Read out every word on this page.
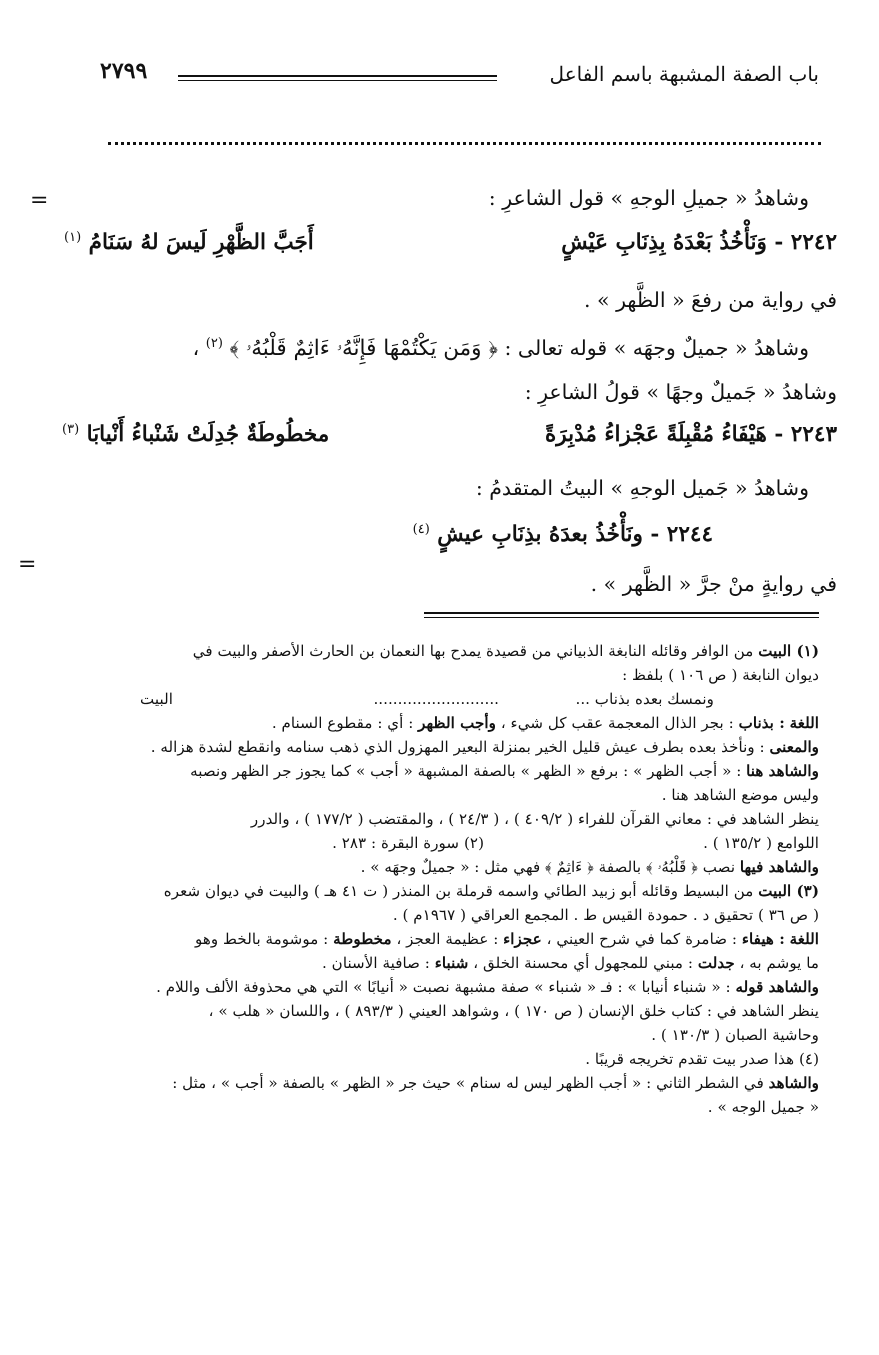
باب الصفة المشبهة باسم الفاعل
٢٧٩٩
=	وشاهدُ « جميلِ الوجهِ » قول الشاعرِ :
٢٢٤٢ - وَنَأْخُذُ بَعْدَهُ بِذِنَابِ عَيْشٍ
أَجَبَّ الظَّهْرِ لَيسَ لهُ سَنَامُ $^{(١)}$
في رواية من رفعَ « الظَّهر » .
وشاهدُ « جميلٌ وجهَه » قوله تعالى : ﴿ وَمَن يَكْتُمْهَا فَإِنَّهُۥ ءَاثِمٌ قَلْبُهُۥ ﴾ $^{(٢)}$ ،
وشاهدُ « جَميلٌ وجهًا » قولُ الشاعرِ :
٢٢٤٣ - هَيْفَاءُ مُقْبِلَةً عَجْزاءُ مُدْبِرَةً
مخطُوطَةٌ جُدِلَتْ شَنْباءُ أَنْيابَا $^{(٣)}$
وشاهدُ « جَميل الوجهِ » البيتُ المتقدمُ :
٢٢٤٤ - ونَأْخُذُ بعدَهُ بذِنَابِ عيشٍ $^{(٤)}$
=
في روايةٍ منْ جرَّ « الظَّهر » .
(١) البيت من الوافر وقائله النابغة الذبياني من قصيدة يمدح بها النعمان بن الحارث الأصفر والبيت في
ديوان النابغة ( ص ١٠٦ ) بلفظ :
ونمسك بعده بذناب ...
..........................
البيت
اللغة : بذناب : بجر الذال المعجمة عقب كل شيء ، وأجب الظهر : أي : مقطوع السنام .
والمعنى : ونأخذ بعده بطرف عيش قليل الخير بمنزلة البعير المهزول الذي ذهب سنامه وانقطع لشدة هزاله .
والشاهد هنا : « أجب الظهر » : برفع « الظهر » بالصفة المشبهة « أجب » كما يجوز جر الظهر ونصبه
وليس موضع الشاهد هنا .
ينظر الشاهد في : معاني القرآن للفراء ( ٤٠٩/٢ ) ، ( ٢٤/٣ ) ، والمقتضب ( ١٧٧/٢ ) ، والدرر
اللوامع ( ١٣٥/٢ ) .
(٢) سورة البقرة : ٢٨٣ .
والشاهد فيها نصب ﴿ قَلْبُهُۥ ﴾ بالصفة ﴿ ءَاثِمٌ ﴾ فهي مثل : « جميلٌ وجهَه » .
(٣) البيت من البسيط وقائله أبو زبيد الطائي واسمه قرملة بن المنذر ( ت ٤١ هـ ) والبيت في ديوان شعره
( ص ٣٦ ) تحقيق د . حمودة القيس ط . المجمع العراقي ( ١٩٦٧م ) .
اللغة : هيفاء : ضامرة كما في شرح العيني ، عجزاء : عظيمة العجز ، مخطوطة : موشومة بالخط وهو
ما يوشم به ، جدلت : مبني للمجهول أي محسنة الخلق ، شنباء : صافية الأسنان .
والشاهد قوله : « شنباء أنيابا » : فـ « شنباء » صفة مشبهة نصبت « أنيابًا » التي هي محذوفة الألف واللام .
ينظر الشاهد في : كتاب خلق الإنسان ( ص ١٧٠ ) ، وشواهد العيني ( ٨٩٣/٣ ) ، واللسان « هلب » ،
وحاشية الصبان ( ١٣٠/٣ ) .
(٤) هذا صدر بيت تقدم تخريجه قريبًا .
والشاهد في الشطر الثاني : « أجب الظهر ليس له سنام » حيث جر « الظهر » بالصفة « أجب » ، مثل :
« جميل الوجه » .
